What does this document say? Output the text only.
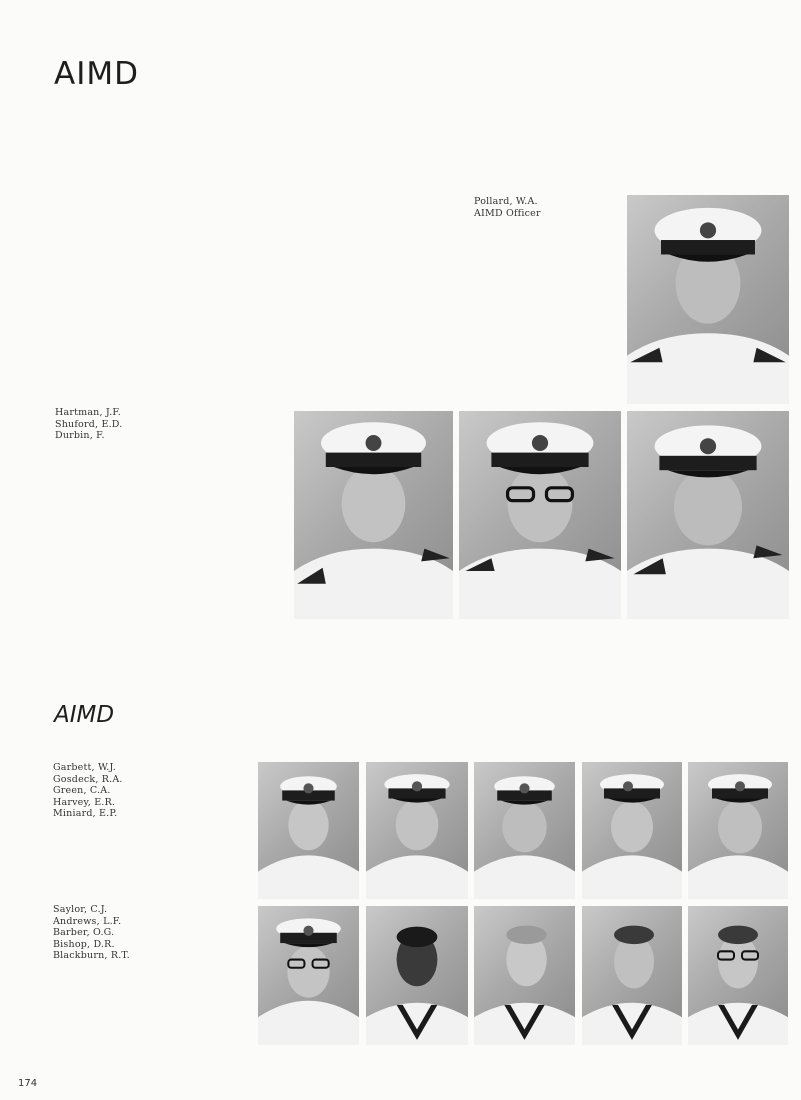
AIMD
Pollard, W.A.
AIMD Officer
Hartman, J.F.
Shuford, E.D.
Durbin, F.
AIMD
Garbett, W.J.
Gosdeck, R.A.
Green, C.A.
Harvey, E.R.
Miniard, E.P.
Saylor, C.J.
Andrews, L.F.
Barber, O.G.
Bishop, D.R.
Blackburn, R.T.
174
